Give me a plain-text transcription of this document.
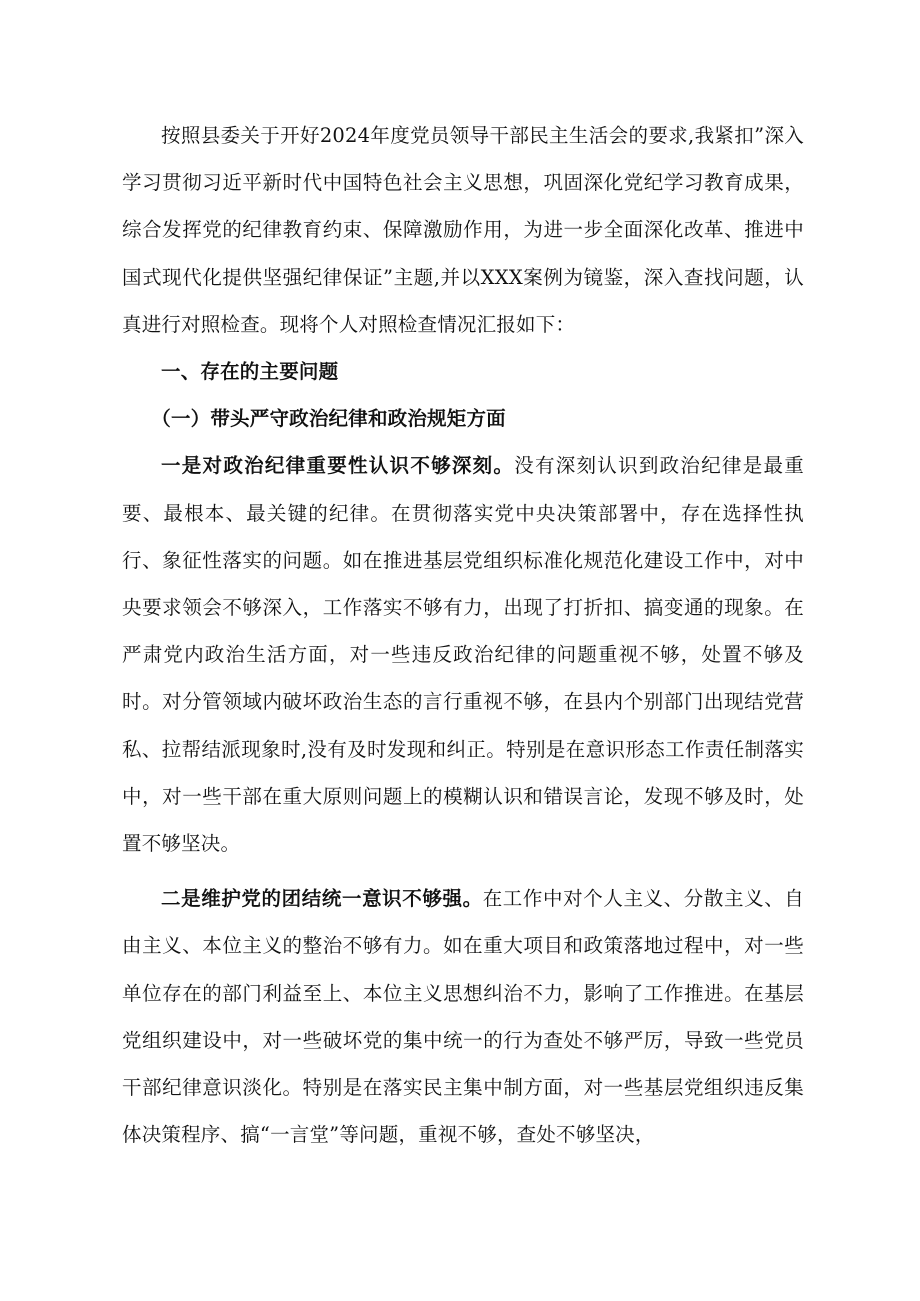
按照县委关于开好2024年度党员领导干部民主生活会的要求,我紧扣”深入学习贯彻习近平新时代中国特色社会主义思想，巩固深化党纪学习教育成果，综合发挥党的纪律教育约束、保障激励作用，为进一步全面深化改革、推进中国式现代化提供坚强纪律保证”主题,并以XXX案例为镜鉴，深入查找问题，认真进行对照检查。现将个人对照检查情况汇报如下：

一、存在的主要问题

（一）带头严守政治纪律和政治规矩方面

一是对政治纪律重要性认识不够深刻。没有深刻认识到政治纪律是最重要、最根本、最关键的纪律。在贯彻落实党中央决策部署中，存在选择性执行、象征性落实的问题。如在推进基层党组织标准化规范化建设工作中，对中央要求领会不够深入，工作落实不够有力，出现了打折扣、搞变通的现象。在严肃党内政治生活方面，对一些违反政治纪律的问题重视不够，处置不够及时。对分管领域内破坏政治生态的言行重视不够，在县内个别部门出现结党营私、拉帮结派现象时,没有及时发现和纠正。特别是在意识形态工作责任制落实中，对一些干部在重大原则问题上的模糊认识和错误言论，发现不够及时，处置不够坚决。

二是维护党的团结统一意识不够强。在工作中对个人主义、分散主义、自由主义、本位主义的整治不够有力。如在重大项目和政策落地过程中，对一些单位存在的部门利益至上、本位主义思想纠治不力，影响了工作推进。在基层党组织建设中，对一些破坏党的集中统一的行为查处不够严厉，导致一些党员干部纪律意识淡化。特别是在落实民主集中制方面，对一些基层党组织违反集体决策程序、搞“一言堂”等问题，重视不够，查处不够坚决，
